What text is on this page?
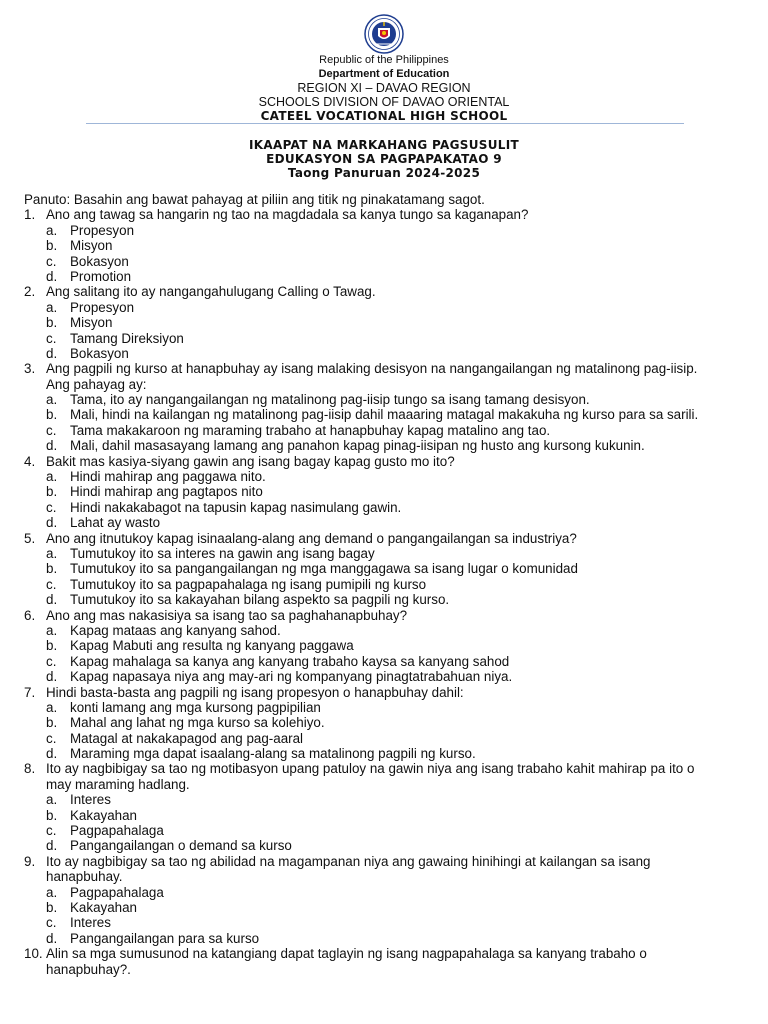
Republic of the Philippines
Department of Education
REGION XI – DAVAO REGION
SCHOOLS DIVISION OF DAVAO ORIENTAL
CATEEL VOCATIONAL HIGH SCHOOL
IKAAPAT NA MARKAHANG PAGSUSULIT
EDUKASYON SA PAGPAPAKATAO 9
Taong Panuruan 2024-2025
Panuto: Basahin ang bawat pahayag at piliin ang titik ng pinakatamang sagot.
1. Ano ang tawag sa hangarin ng tao na magdadala sa kanya tungo sa kaganapan?
a. Propesyon
b. Misyon
c.	Bokasyon
d. Promotion
2. Ang salitang ito ay nangangahulugang Calling o Tawag.
a. Propesyon
b. Misyon
c.	Tamang Direksiyon
d. Bokasyon
3. Ang pagpili ng kurso at hanapbuhay ay isang malaking desisyon na nangangailangan ng matalinong pag-iisip.
Ang pahayag ay:
a. Tama, ito ay nangangailangan ng matalinong pag-iisip tungo sa isang tamang desisyon.
b. Mali, hindi na kailangan ng matalinong pag-iisip dahil maaaring matagal makakuha ng kurso para sa sarili.
c.	Tama makakaroon ng maraming trabaho at hanapbuhay kapag matalino ang tao.
d. Mali, dahil masasayang lamang ang panahon kapag pinag-iisipan ng husto ang kursong kukunin.
4. Bakit mas kasiya-siyang gawin ang isang bagay kapag gusto mo ito?
a. Hindi mahirap ang paggawa nito.
b. Hindi mahirap ang pagtapos nito
c.	Hindi nakakabagot na tapusin kapag nasimulang gawin.
d. Lahat ay wasto
5. Ano ang itnutukoy kapag isinaalang-alang ang demand o pangangailangan sa industriya?
a. Tumutukoy ito sa interes na gawin ang isang bagay
b. Tumutukoy ito sa pangangailangan ng mga manggagawa sa isang lugar o komunidad
c.	Tumutukoy ito sa pagpapahalaga ng isang pumipili ng kurso
d. Tumutukoy ito sa kakayahan bilang aspekto sa pagpili ng kurso.
6. Ano ang mas nakasisiya sa isang tao sa paghahanapbuhay?
a. Kapag mataas ang kanyang sahod.
b. Kapag Mabuti ang resulta ng kanyang paggawa
c.	Kapag mahalaga sa kanya ang kanyang trabaho kaysa sa kanyang sahod
d. Kapag napasaya niya ang may-ari ng kompanyang pinagtatrabahuan niya.
7. Hindi basta-basta ang pagpili ng isang propesyon o hanapbuhay dahil:
a. konti lamang ang mga kursong pagpipilian
b. Mahal ang lahat ng mga kurso sa kolehiyo.
c.	Matagal at nakakapagod ang pag-aaral
d. Maraming mga dapat isaalang-alang sa matalinong pagpili ng kurso.
8. Ito ay nagbibigay sa tao ng motibasyon upang patuloy na gawin niya ang isang trabaho kahit mahirap pa ito o
may maraming hadlang.
a. Interes
b. Kakayahan
c.	Pagpapahalaga
d. Pangangailangan o demand sa kurso
9. Ito ay nagbibigay sa tao ng abilidad na magampanan niya ang gawaing hinihingi at kailangan sa isang
hanapbuhay.
a. Pagpapahalaga
b. Kakayahan
c.	Interes
d. Pangangailangan para sa kurso
10. Alin sa mga sumusunod na katangiang dapat taglayin ng isang nagpapahalaga sa kanyang trabaho o
hanapbuhay?.
